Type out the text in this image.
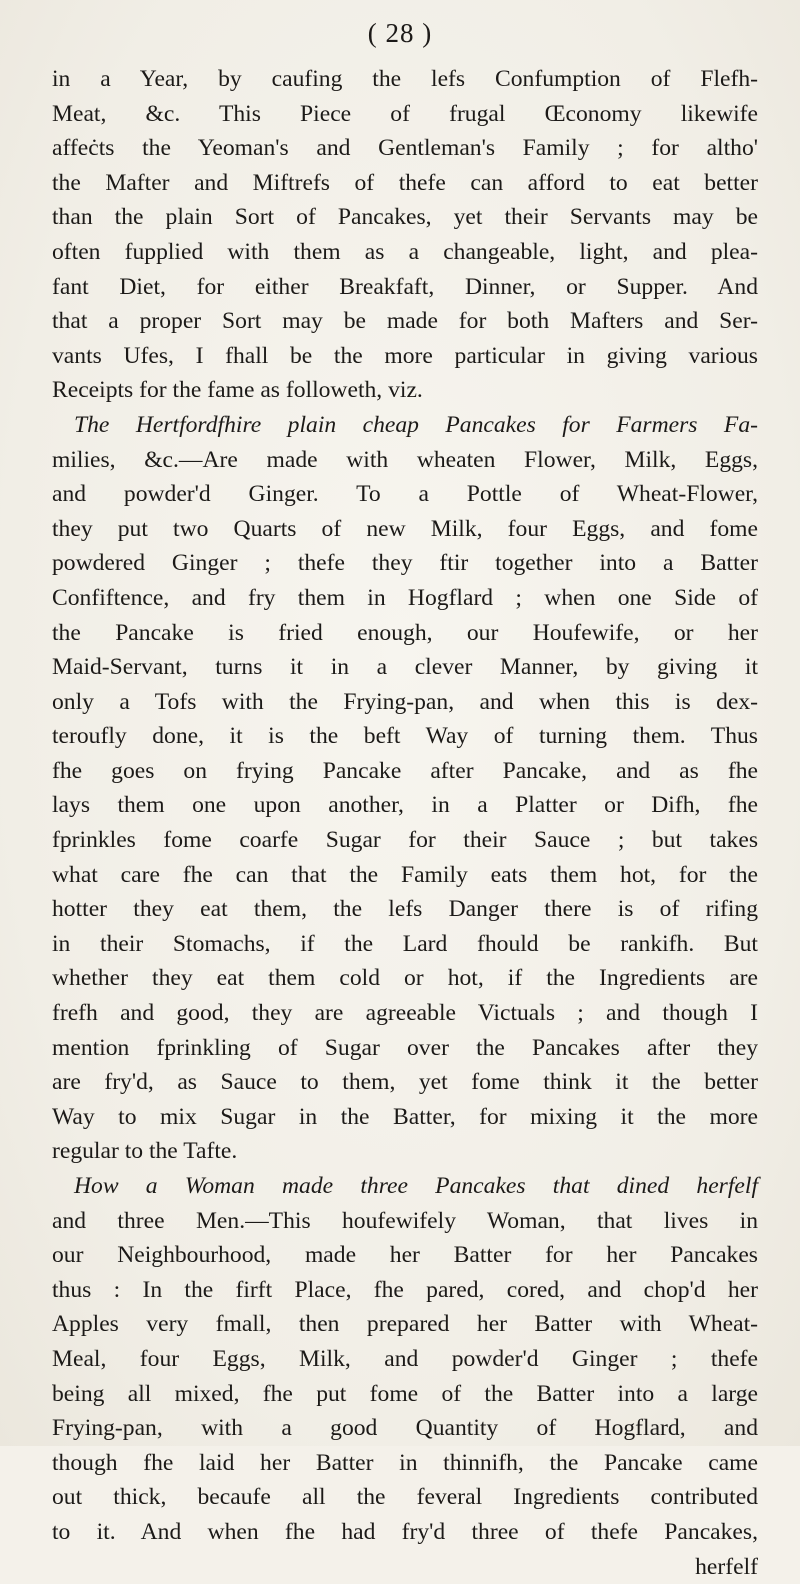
( 28 )
in a Year, by caufing the lefs Confumption of Flefh-
Meat, &c. This Piece of frugal Œconomy likewife
affeċts the Yeoman's and Gentleman's Family ; for altho'
the Mafter and Miftrefs of thefe can afford to eat better
than the plain Sort of Pancakes, yet their Servants may be
often fupplied with them as a changeable, light, and plea-
fant Diet, for either Breakfaft, Dinner, or Supper. And
that a proper Sort may be made for both Mafters and Ser-
vants Ufes, I fhall be the more particular in giving various
Receipts for the fame as followeth, viz.
The Hertfordfhire plain cheap Pancakes for Farmers Fa-
milies, &c.—Are made with wheaten Flower, Milk, Eggs,
and powder'd Ginger. To a Pottle of Wheat-Flower,
they put two Quarts of new Milk, four Eggs, and fome
powdered Ginger ; thefe they ftir together into a Batter
Confiftence, and fry them in Hogflard ; when one Side of
the Pancake is fried enough, our Houfewife, or her
Maid-Servant, turns it in a clever Manner, by giving it
only a Tofs with the Frying-pan, and when this is dex-
teroufly done, it is the beft Way of turning them. Thus
fhe goes on frying Pancake after Pancake, and as fhe
lays them one upon another, in a Platter or Difh, fhe
fprinkles fome coarfe Sugar for their Sauce ; but takes
what care fhe can that the Family eats them hot, for the
hotter they eat them, the lefs Danger there is of rifing
in their Stomachs, if the Lard fhould be rankifh. But
whether they eat them cold or hot, if the Ingredients are
frefh and good, they are agreeable Victuals ; and though I
mention fprinkling of Sugar over the Pancakes after they
are fry'd, as Sauce to them, yet fome think it the better
Way to mix Sugar in the Batter, for mixing it the more
regular to the Tafte.
How a Woman made three Pancakes that dined herfelf
and three Men.—This houfewifely Woman, that lives in
our Neighbourhood, made her Batter for her Pancakes
thus : In the firft Place, fhe pared, cored, and chop'd her
Apples very fmall, then prepared her Batter with Wheat-
Meal, four Eggs, Milk, and powder'd Ginger ; thefe
being all mixed, fhe put fome of the Batter into a large
Frying-pan, with a good Quantity of Hogflard, and
though fhe laid her Batter in thinnifh, the Pancake came
out thick, becaufe all the feveral Ingredients contributed
to it. And when fhe had fry'd three of thefe Pancakes,
herfelf
